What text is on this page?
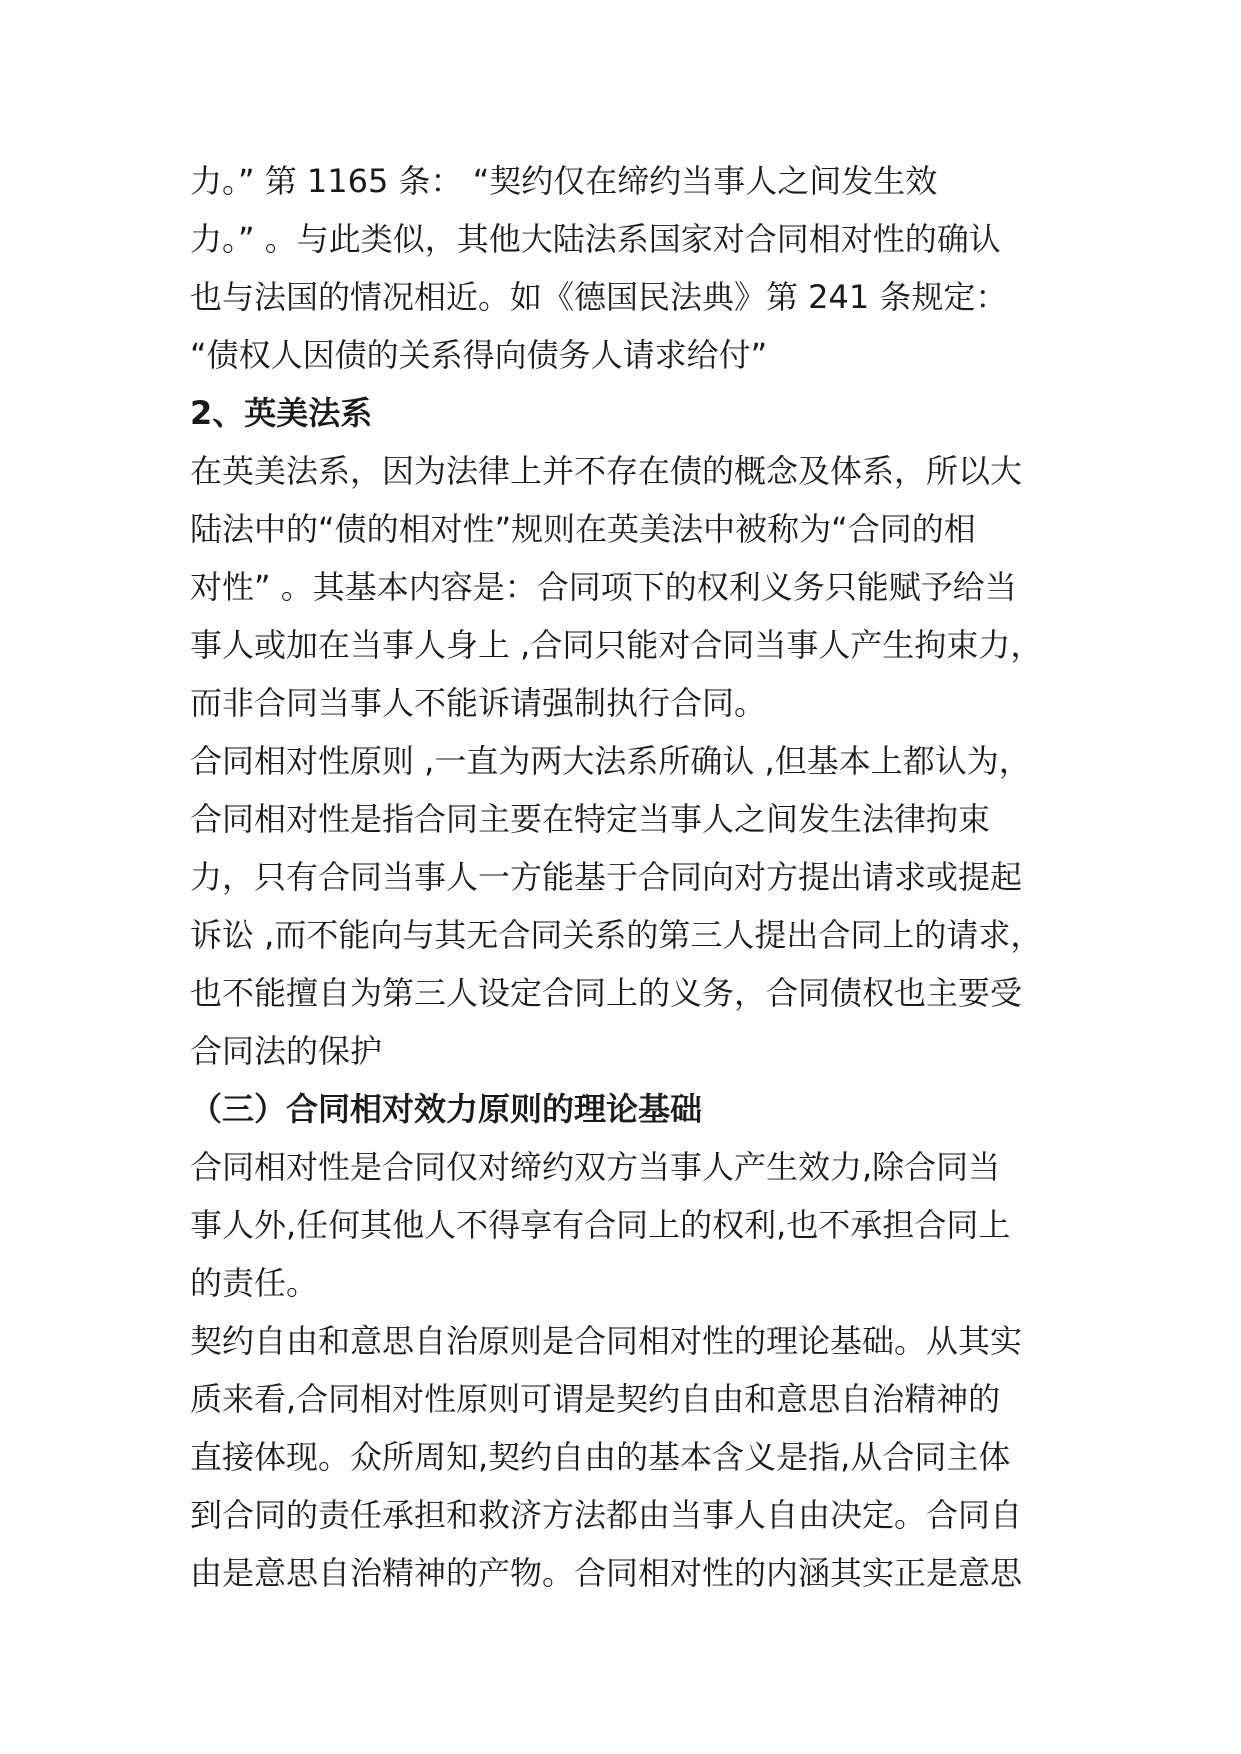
力。” 第 1165 条： “契约仅在缔约当事人之间发生效
力。” 。与此类似，其他大陆法系国家对合同相对性的确认
也与法国的情况相近。如《德国民法典》第 241 条规定：
“债权人因债的关系得向债务人请求给付”
2、英美法系
在英美法系，因为法律上并不存在债的概念及体系，所以大
陆法中的“债的相对性”规则在英美法中被称为“合同的相
对性” 。其基本内容是：合同项下的权利义务只能赋予给当
事人或加在当事人身上 ,合同只能对合同当事人产生拘束力，
而非合同当事人不能诉请强制执行合同。
合同相对性原则 ,一直为两大法系所确认 ,但基本上都认为，
合同相对性是指合同主要在特定当事人之间发生法律拘束
力，只有合同当事人一方能基于合同向对方提出请求或提起
诉讼 ,而不能向与其无合同关系的第三人提出合同上的请求，
也不能擅自为第三人设定合同上的义务，合同债权也主要受
合同法的保护
（三）合同相对效力原则的理论基础
合同相对性是合同仅对缔约双方当事人产生效力,除合同当
事人外,任何其他人不得享有合同上的权利,也不承担合同上
的责任。
契约自由和意思自治原则是合同相对性的理论基础。从其实
质来看,合同相对性原则可谓是契约自由和意思自治精神的
直接体现。众所周知,契约自由的基本含义是指,从合同主体
到合同的责任承担和救济方法都由当事人自由决定。合同自
由是意思自治精神的产物。合同相对性的内涵其实正是意思
